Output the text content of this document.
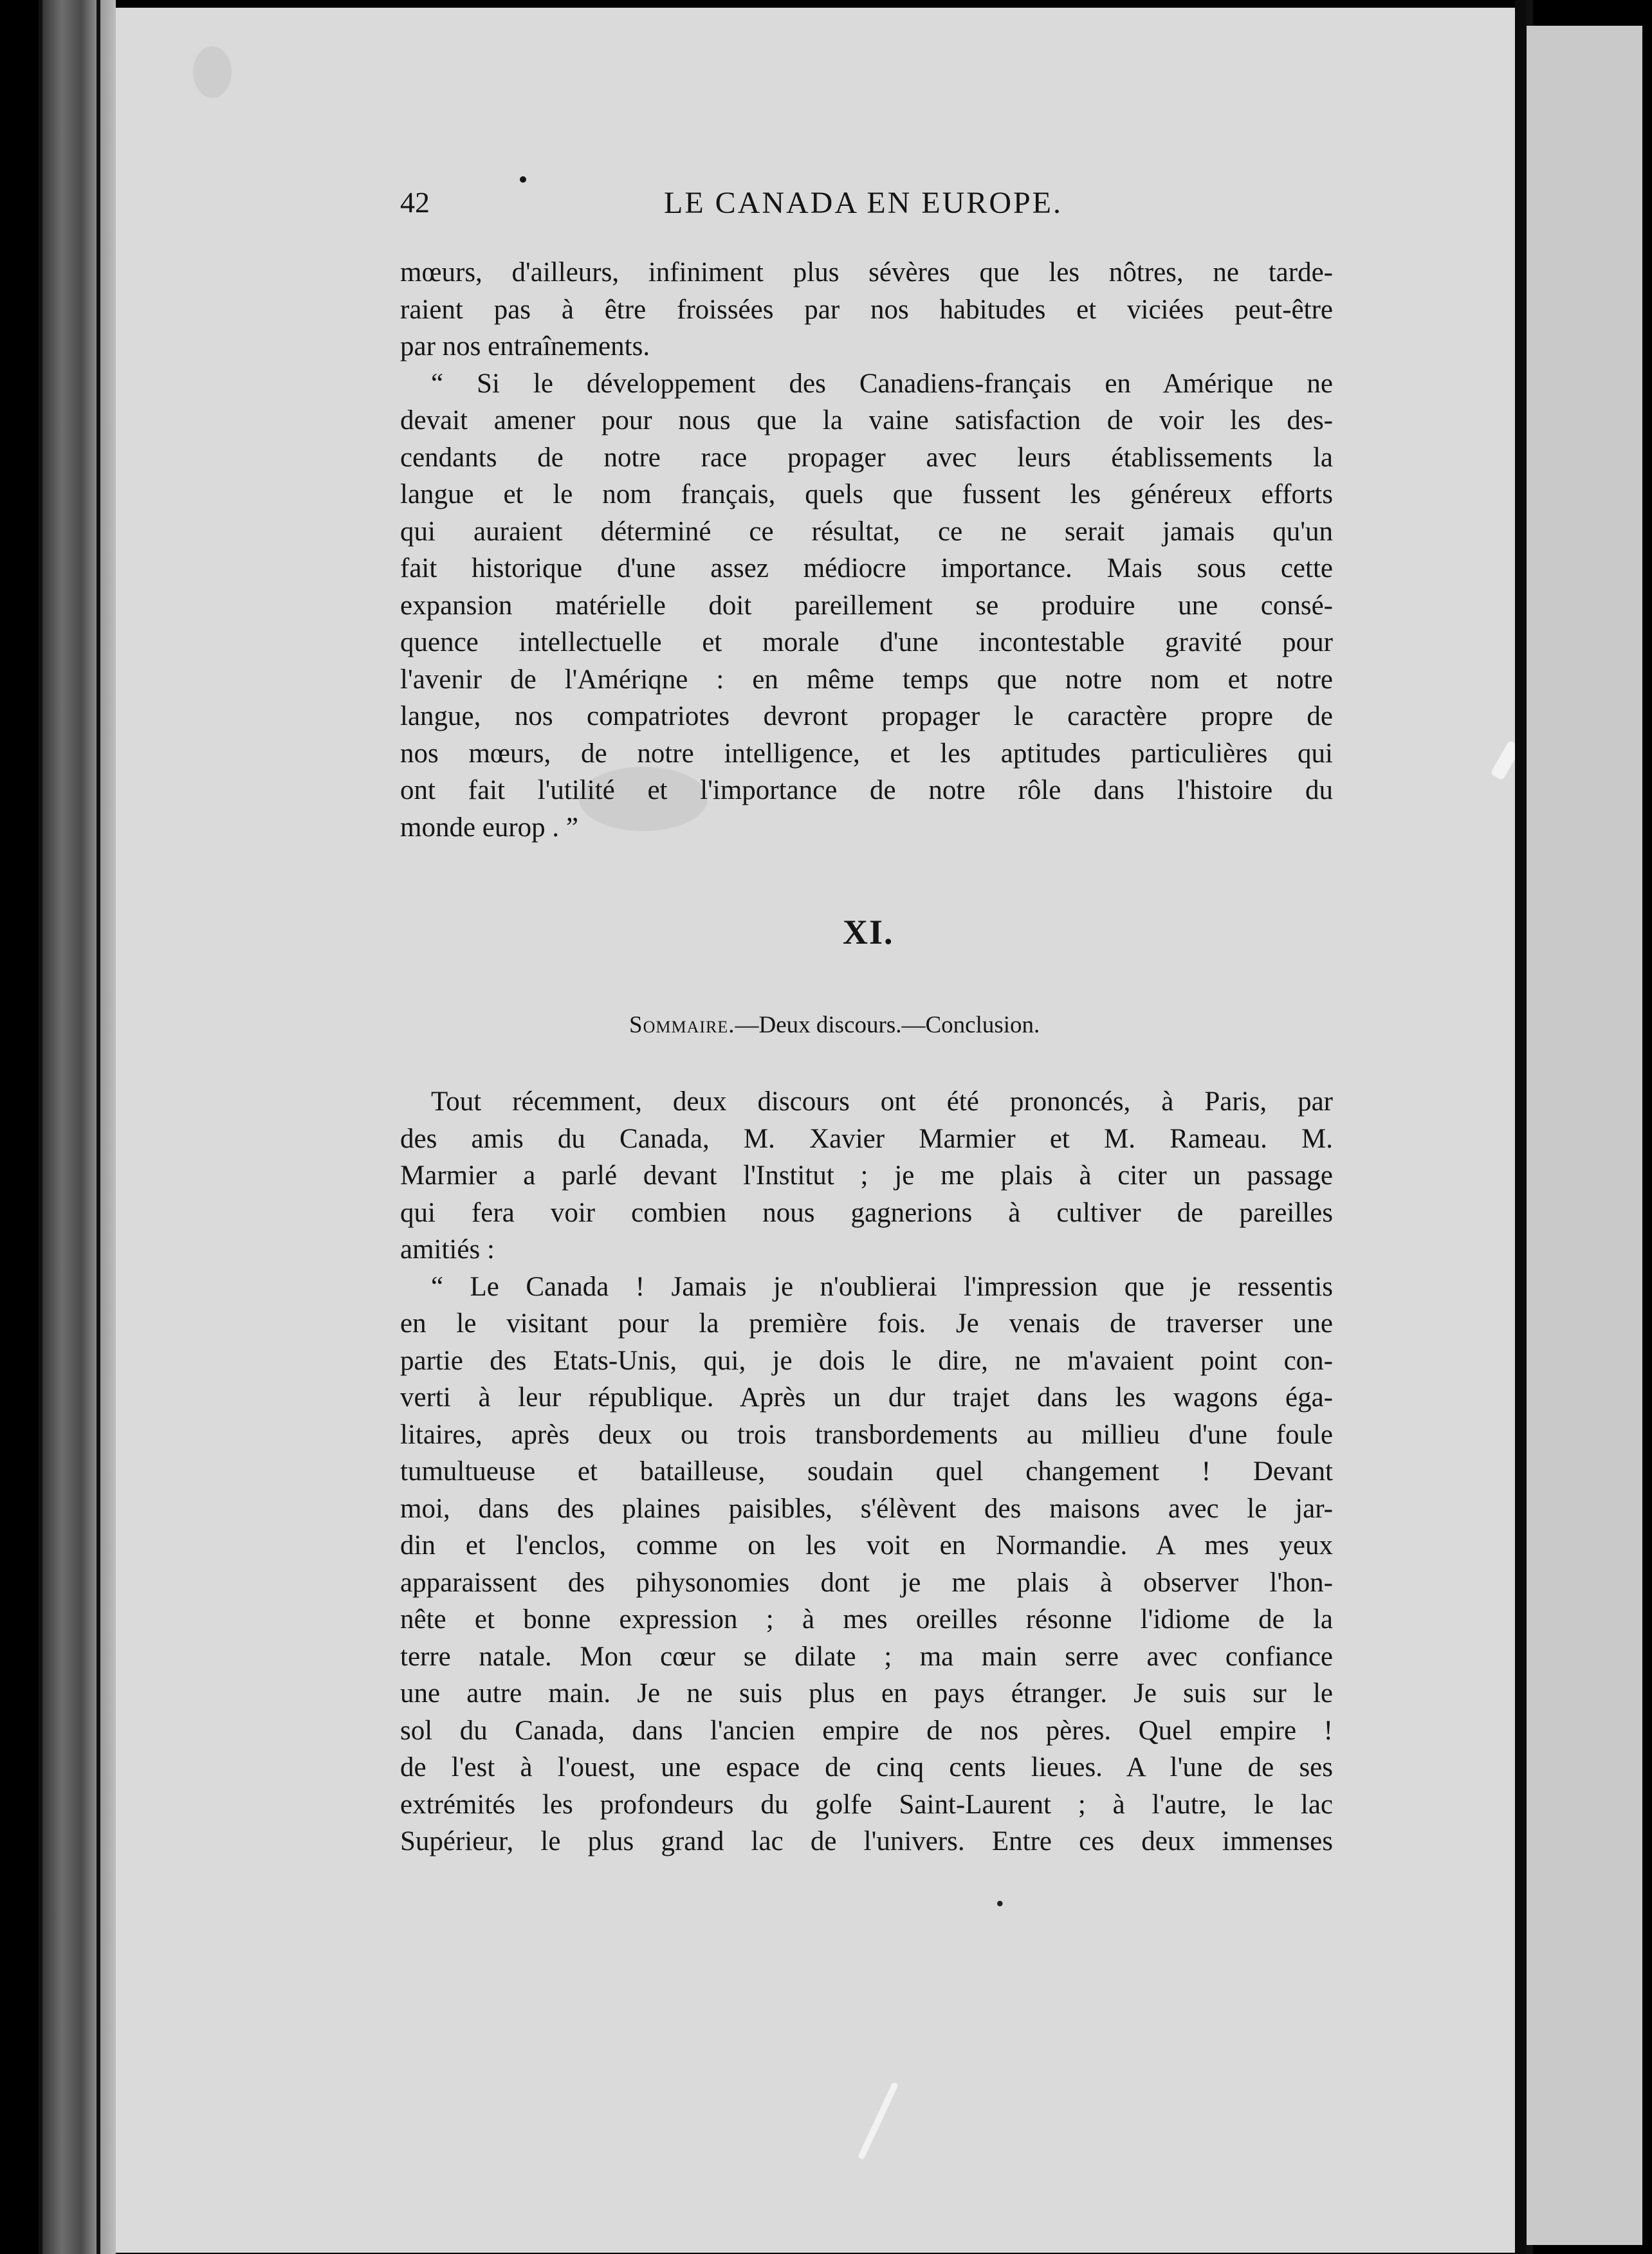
42	LE CANADA EN EUROPE.
mœurs, d'ailleurs, infiniment plus sévères que les nôtres, ne tarde-
raient pas à être froissées par nos habitudes et viciées peut-être
par nos entraînements.
“ Si le développement des Canadiens-français en Amérique ne
devait amener pour nous que la vaine satisfaction de voir les des-
cendants de notre race propager avec leurs établissements la
langue et le nom français, quels que fussent les généreux efforts
qui auraient déterminé ce résultat, ce ne serait jamais qu'un
fait historique d'une assez médiocre importance. Mais sous cette
expansion matérielle doit pareillement se produire une consé-
quence intellectuelle et morale d'une incontestable gravité pour
l'avenir de l'Amériqne : en même temps que notre nom et notre
langue, nos compatriotes devront propager le caractère propre de
nos mœurs, de notre intelligence, et les aptitudes particulières qui
ont fait l'utilité et l'importance de notre rôle dans l'histoire du
monde europ . ”
XI.
Sommaire.—Deux discours.—Conclusion.
Tout récemment, deux discours ont été prononcés, à Paris, par
des amis du Canada, M. Xavier Marmier et M. Rameau. M.
Marmier a parlé devant l'Institut ; je me plais à citer un passage
qui fera voir combien nous gagnerions à cultiver de pareilles
amitiés :
“ Le Canada ! Jamais je n'oublierai l'impression que je ressentis
en le visitant pour la première fois. Je venais de traverser une
partie des Etats-Unis, qui, je dois le dire, ne m'avaient point con-
verti à leur république. Après un dur trajet dans les wagons éga-
litaires, après deux ou trois transbordements au millieu d'une foule
tumultueuse et batailleuse, soudain quel changement ! Devant
moi, dans des plaines paisibles, s'élèvent des maisons avec le jar-
din et l'enclos, comme on les voit en Normandie. A mes yeux
apparaissent des pihysonomies dont je me plais à observer l'hon-
nête et bonne expression ; à mes oreilles résonne l'idiome de la
terre natale. Mon cœur se dilate ; ma main serre avec confiance
une autre main. Je ne suis plus en pays étranger. Je suis sur le
sol du Canada, dans l'ancien empire de nos pères. Quel empire !
de l'est à l'ouest, une espace de cinq cents lieues. A l'une de ses
extrémités les profondeurs du golfe Saint-Laurent ; à l'autre, le lac
Supérieur, le plus grand lac de l'univers. Entre ces deux immenses
•
